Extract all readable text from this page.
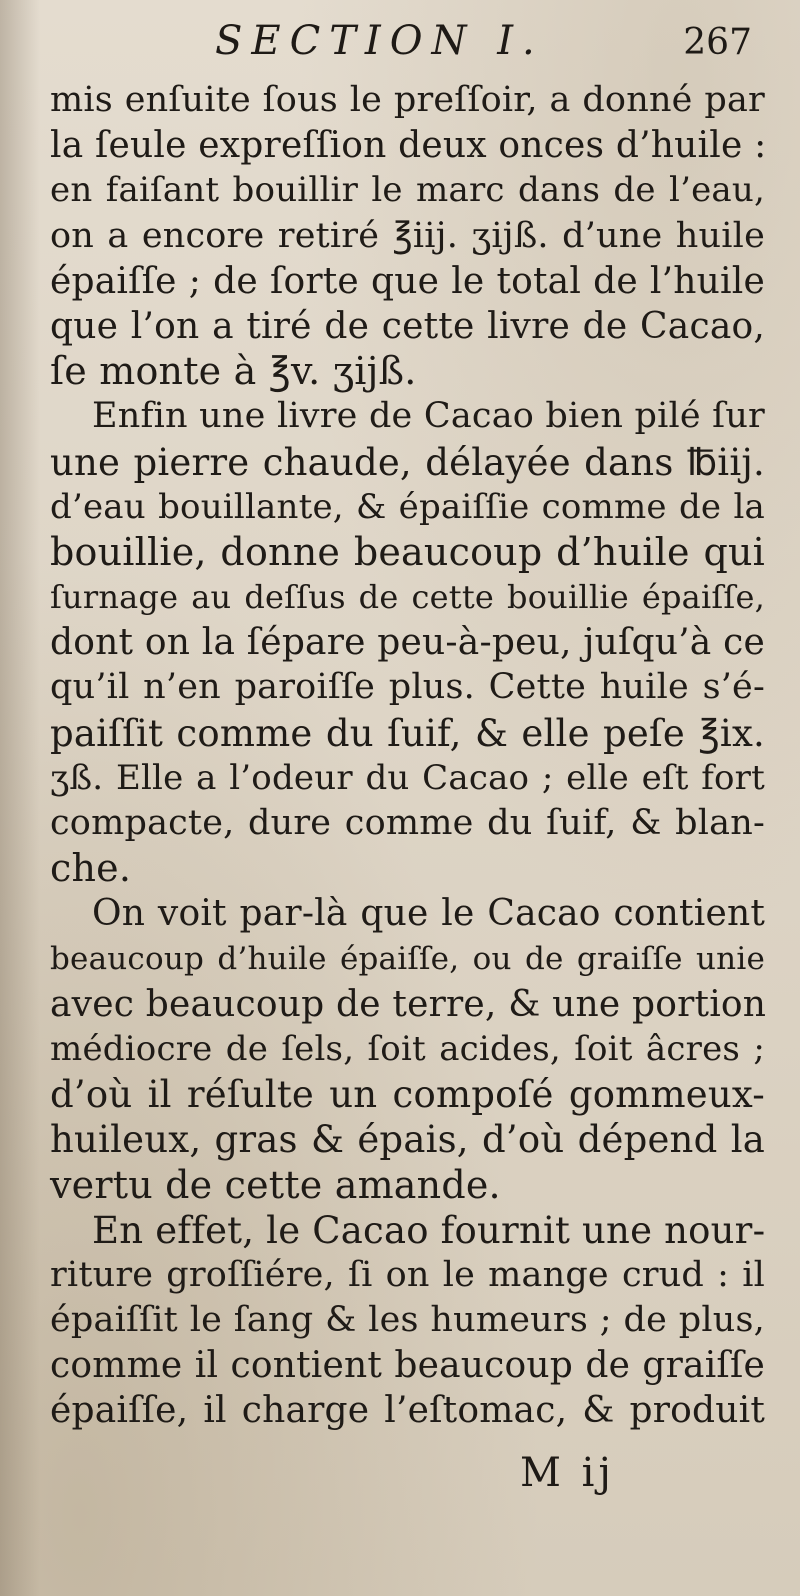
SECTION I.	267
mis enſuite ſous le preſſoir, a donné par
la ſeule expreſſion deux onces d’huile :
en faiſant bouillir le marc dans de l’eau,
on a encore retiré ℥iij. ʒijß. d’une huile
épaiſſe ; de ſorte que le total de l’huile
que l’on a tiré de cette livre de Cacao,
ſe monte à ℥v. ʒijß.
Enfin une livre de Cacao bien pilé ſur
une pierre chaude, délayée dans ℔iij.
d’eau bouillante, & épaiſſie comme de la
bouillie, donne beaucoup d’huile qui
ſurnage au deſſus de cette bouillie épaiſſe,
dont on la ſépare peu-à-peu, juſqu’à ce
qu’il n’en paroiſſe plus. Cette huile s’é-
paiſſit comme du ſuif, & elle peſe ℥ix.
ʒß. Elle a l’odeur du Cacao ; elle eſt fort
compacte, dure comme du ſuif, & blan-
che.
On voit par-là que le Cacao contient
beaucoup d’huile épaiſſe, ou de graiſſe unie
avec beaucoup de terre, & une portion
médiocre de ſels, ſoit acides, ſoit âcres ;
d’où il réſulte un compoſé gommeux-
huileux, gras & épais, d’où dépend la
vertu de cette amande.
En effet, le Cacao fournit une nour-
riture groſſiére, ſi on le mange crud : il
épaiſſit le ſang & les humeurs ; de plus,
comme il contient beaucoup de graiſſe
épaiſſe, il charge l’eſtomac, & produit
M ij
